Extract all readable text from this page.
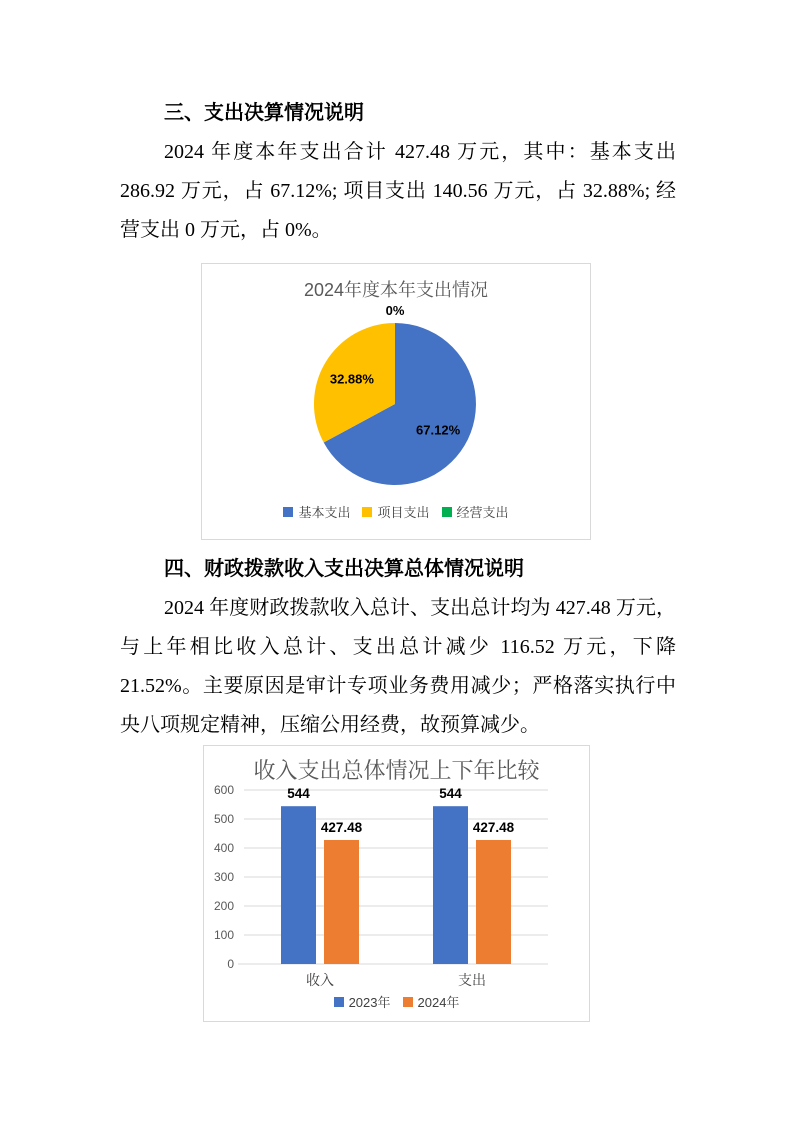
三、支出决算情况说明

2024 年度本年支出合计 427.48 万元，其中：基本支出 286.92 万元，占 67.12%; 项目支出 140.56 万元，占 32.88%; 经营支出 0 万元，占 0%。

2024年度本年支出情况
67.12%
32.88%
0%
基本支出	项目支出	经营支出
四、财政拨款收入支出决算总体情况说明

2024 年度财政拨款收入总计、支出总计均为 427.48 万元，与上年相比收入总计、支出总计减少 116.52 万元，下降 21.52%。主要原因是审计专项业务费用减少；严格落实执行中央八项规定精神，压缩公用经费，故预算减少。

收入支出总体情况上下年比较
0
100
200
300
400
500
600	544
427.48
收入
544
427.48
支出
2023年	2024年
